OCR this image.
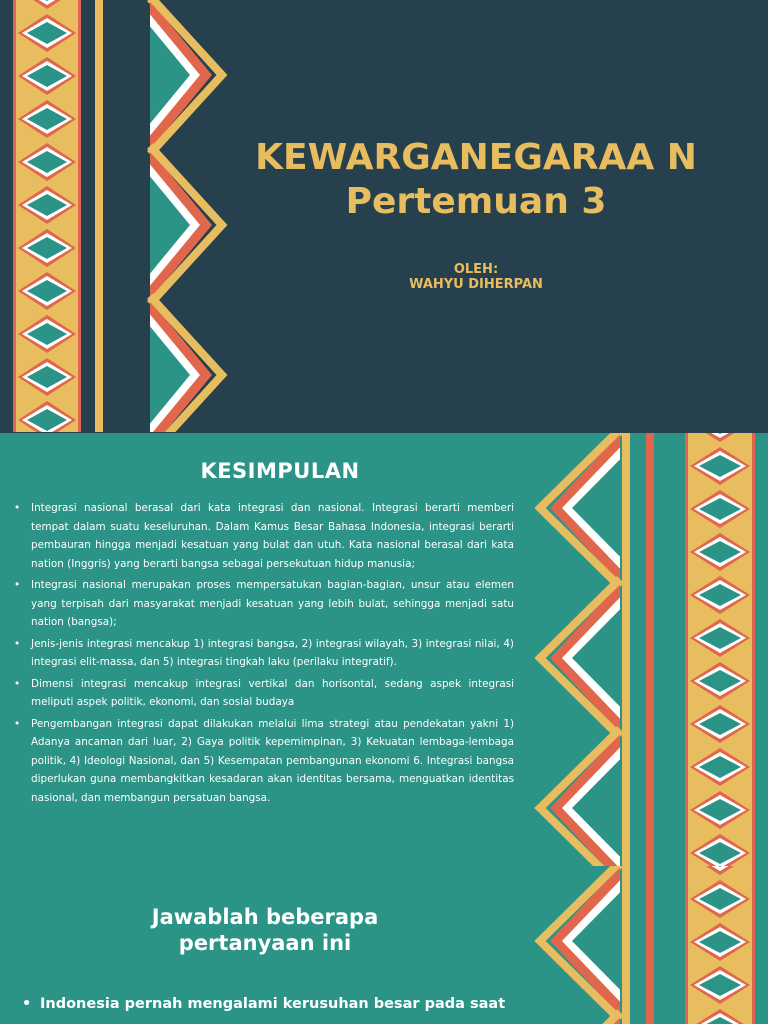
KEWARGANEGARAA N Pertemuan 3
OLEH:
WAHYU DIHERPAN
KESIMPULAN
• Integrasi nasional berasal dari kata integrasi dan nasional. Integrasi berarti memberi tempat dalam suatu keseluruhan. Dalam Kamus Besar Bahasa Indonesia, integrasi berarti pembauran hingga menjadi kesatuan yang bulat dan utuh. Kata nasional berasal dari kata nation (Inggris) yang berarti bangsa sebagai persekutuan hidup manusia;
• Integrasi nasional merupakan proses mempersatukan bagian-bagian, unsur atau elemen yang terpisah dari masyarakat menjadi kesatuan yang lebih bulat, sehingga menjadi satu nation (bangsa);
• Jenis-jenis integrasi mencakup 1) integrasi bangsa, 2) integrasi wilayah, 3) integrasi nilai, 4) integrasi elit-massa, dan 5) integrasi tingkah laku (perilaku integratif).
• Dimensi integrasi mencakup integrasi vertikal dan horisontal, sedang aspek integrasi meliputi aspek politik, ekonomi, dan sosial budaya
• Pengembangan integrasi dapat dilakukan melalui lima strategi atau pendekatan yakni 1) Adanya ancaman dari luar, 2) Gaya politik kepemimpinan, 3) Kekuatan lembaga-lembaga politik, 4) Ideologi Nasional, dan 5) Kesempatan pembangunan ekonomi 6. Integrasi bangsa diperlukan guna membangkitkan kesadaran akan identitas bersama, menguatkan identitas nasional, dan membangun persatuan bangsa.
Jawablah beberapa pertanyaan ini
• Indonesia pernah mengalami kerusuhan besar pada saat
